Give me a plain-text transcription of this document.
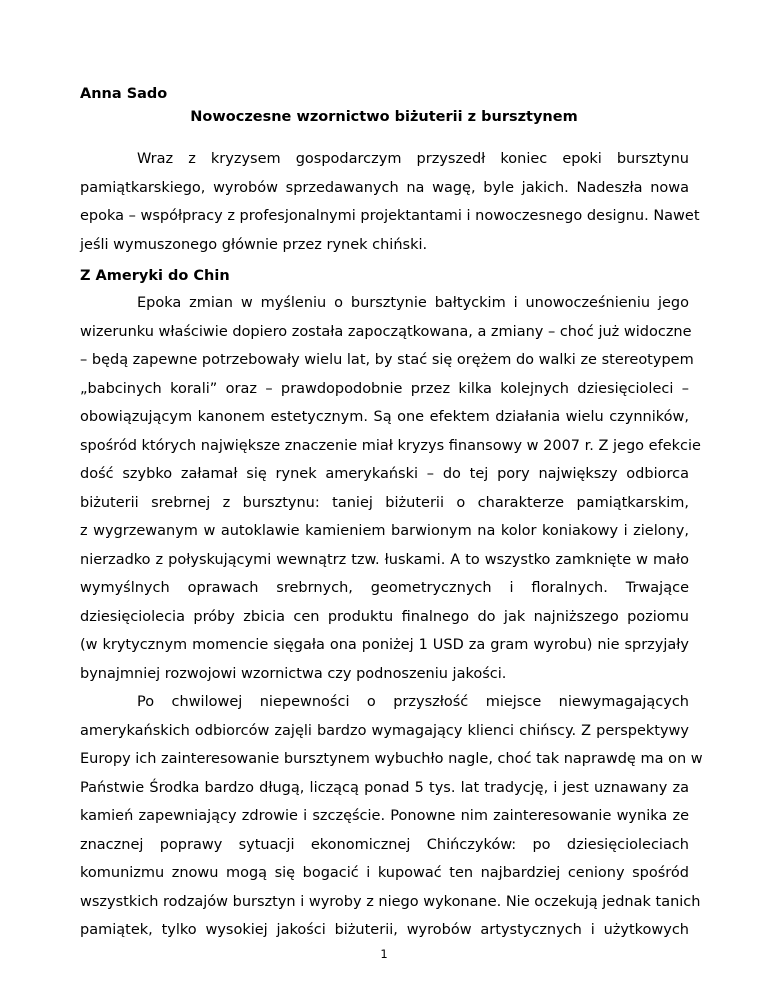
Anna Sado

Nowoczesne wzornictwo biżuterii z bursztynem

Wraz z kryzysem gospodarczym przyszedł koniec epoki bursztynu
pamiątkarskiego, wyrobów sprzedawanych na wagę, byle jakich. Nadeszła nowa
epoka – współpracy z profesjonalnymi projektantami i nowoczesnego designu. Nawet
jeśli wymuszonego głównie przez rynek chiński.

Z Ameryki do Chin

Epoka zmian w myśleniu o bursztynie bałtyckim i unowocześnieniu jego
wizerunku właściwie dopiero została zapoczątkowana, a zmiany – choć już widoczne
– będą zapewne potrzebowały wielu lat, by stać się orężem do walki ze stereotypem
„babcinych korali” oraz – prawdopodobnie przez kilka kolejnych dziesięcioleci –
obowiązującym kanonem estetycznym. Są one efektem działania wielu czynników,
spośród których największe znaczenie miał kryzys finansowy w 2007 r. Z jego efekcie
dość szybko załamał się rynek amerykański – do tej pory największy odbiorca
biżuterii srebrnej z bursztynu: taniej biżuterii o charakterze pamiątkarskim,
z wygrzewanym w autoklawie kamieniem barwionym na kolor koniakowy i zielony,
nierzadko z połyskującymi wewnątrz tzw. łuskami. A to wszystko zamknięte w mało
wymyślnych oprawach srebrnych, geometrycznych i floralnych. Trwające
dziesięciolecia próby zbicia cen produktu finalnego do jak najniższego poziomu
(w krytycznym momencie sięgała ona poniżej 1 USD za gram wyrobu) nie sprzyjały
bynajmniej rozwojowi wzornictwa czy podnoszeniu jakości.
Po chwilowej niepewności o przyszłość miejsce niewymagających
amerykańskich odbiorców zajęli bardzo wymagający klienci chińscy. Z perspektywy
Europy ich zainteresowanie bursztynem wybuchło nagle, choć tak naprawdę ma on w
Państwie Środka bardzo długą, liczącą ponad 5 tys. lat tradycję, i jest uznawany za
kamień zapewniający zdrowie i szczęście. Ponowne nim zainteresowanie wynika ze
znacznej poprawy sytuacji ekonomicznej Chińczyków: po dziesięcioleciach
komunizmu znowu mogą się bogacić i kupować ten najbardziej ceniony spośród
wszystkich rodzajów bursztyn i wyroby z niego wykonane. Nie oczekują jednak tanich
pamiątek, tylko wysokiej jakości biżuterii, wyrobów artystycznych i użytkowych

1
